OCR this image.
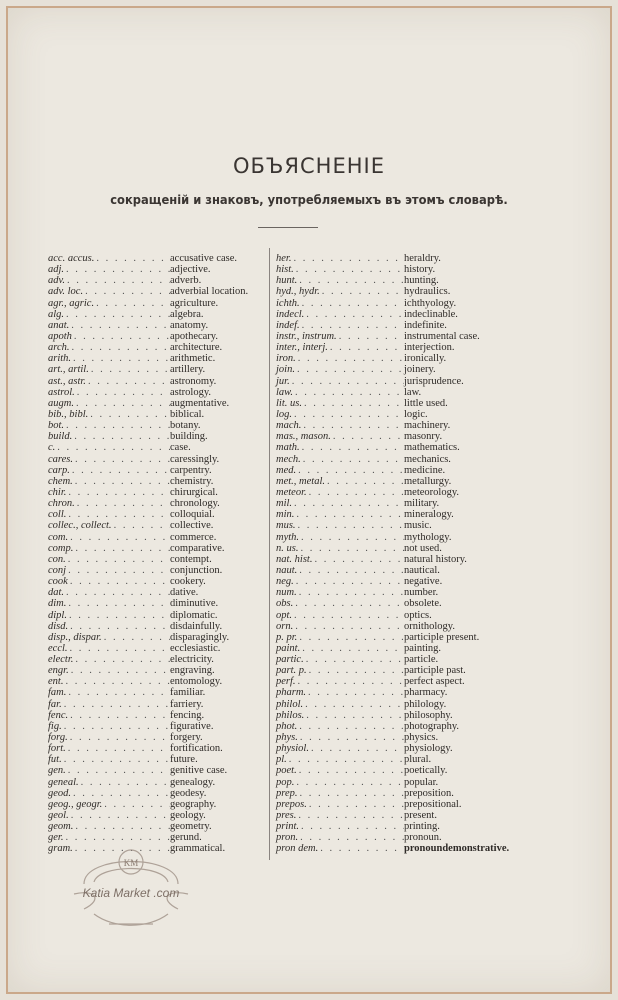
ОБЪЯСНЕНІЕ
сокращеній и знаковъ, употребляемыхъ въ этомъ словарѣ.
acc. accus. . . .	accusative case.
adj. . . .	adjective.
adv. . . .	adverb.
adv. loc. . . .	adverbial location.
agr., agric. . . .	agriculture.
alg. . . .	algebra.
anat. . . .	anatomy.
apoth . . .	apothecary.
arch. . . .	architecture.
arith. . . .	arithmetic.
art., artil. . . .	artillery.
ast., astr. . . .	astronomy.
astrol. . . .	astrology.
augm. . . .	augmentative.
bib., bibl. . . .	biblical.
bot. . . .	botany.
build. . . .	building.
c. . . .	case.
cares. . . .	caressingly.
carp. . . .	carpentry.
chem. . . .	chemistry.
chir. . . .	chirurgical.
chron. . . .	chronology.
coll. . . .	colloquial.
collec., collect. . . .	collective.
com. . . .	commerce.
comp. . . .	comparative.
con. . . .	contempt.
conj . . .	conjunction.
cook . . .	cookery.
dat. . . .	dative.
dim. . . .	diminutive.
dipl. . . .	diplomatic.
disd. . . .	disdainfully.
disp., dispar. . . .	disparagingly.
eccl. . . .	ecclesiastic.
electr. . . .	electricity.
engr. . . .	engraving.
ent. . . .	entomology.
fam. . . .	familiar.
far. . . .	farriery.
fenc. . . .	fencing.
fig. . . .	figurative.
forg. . . .	forgery.
fort. . . .	fortification.
fut. . . .	future.
gen. . . .	genitive case.
geneal. . . .	genealogy.
geod. . . .	geodesy.
geog., geogr. . . .	geography.
geol. . . .	geology.
geom. . . .	geometry.
ger. . . .	gerund.
gram. . . .	grammatical.
her. . . .	heraldry.
hist. . . .	history.
hunt. . . .	hunting.
hyd., hydr. . . .	hydraulics.
ichth. . . .	ichthyology.
indecl. . . .	indeclinable.
indef. . . .	indefinite.
instr., instrum. . . .	instrumental case.
inter., interj. . . .	interjection.
iron. . . .	ironically.
join. . . .	joinery.
jur. . . .	jurisprudence.
law. . . .	law.
lit. us. . . .	little used.
log. . . .	logic.
mach. . . .	machinery.
mas., mason. . . .	masonry.
math. . . .	mathematics.
mech. . . .	mechanics.
med. . . .	medicine.
met., metal. . . .	metallurgy.
meteor. . . .	meteorology.
mil. . . .	military.
min. . . .	mineralogy.
mus. . . .	music.
myth. . . .	mythology.
n. us. . . .	not used.
nat. hist. . . .	natural history.
naut. . . .	nautical.
neg. . . .	negative.
num. . . .	number.
obs. . . .	obsolete.
opt. . . .	optics.
orn. . . .	ornithology.
p. pr. . . .	participle present.
paint. . . .	painting.
partic. . . .	particle.
part. p. . . .	participle past.
perf. . . .	perfect aspect.
pharm. . . .	pharmacy.
philol. . . .	philology.
philos. . . .	philosophy.
phot. . . .	photography.
phys. . . .	physics.
physiol. . . .	physiology.
pl. . . .	plural.
poet. . . .	poetically.
pop. . . .	popular.
prep. . . .	preposition.
prepos. . . .	prepositional.
pres. . . .	present.
print. . . .	printing.
pron. . . .	pronoun.
pron dem. . . .	pronoundemonstrative.
KM
Katia Market .com
